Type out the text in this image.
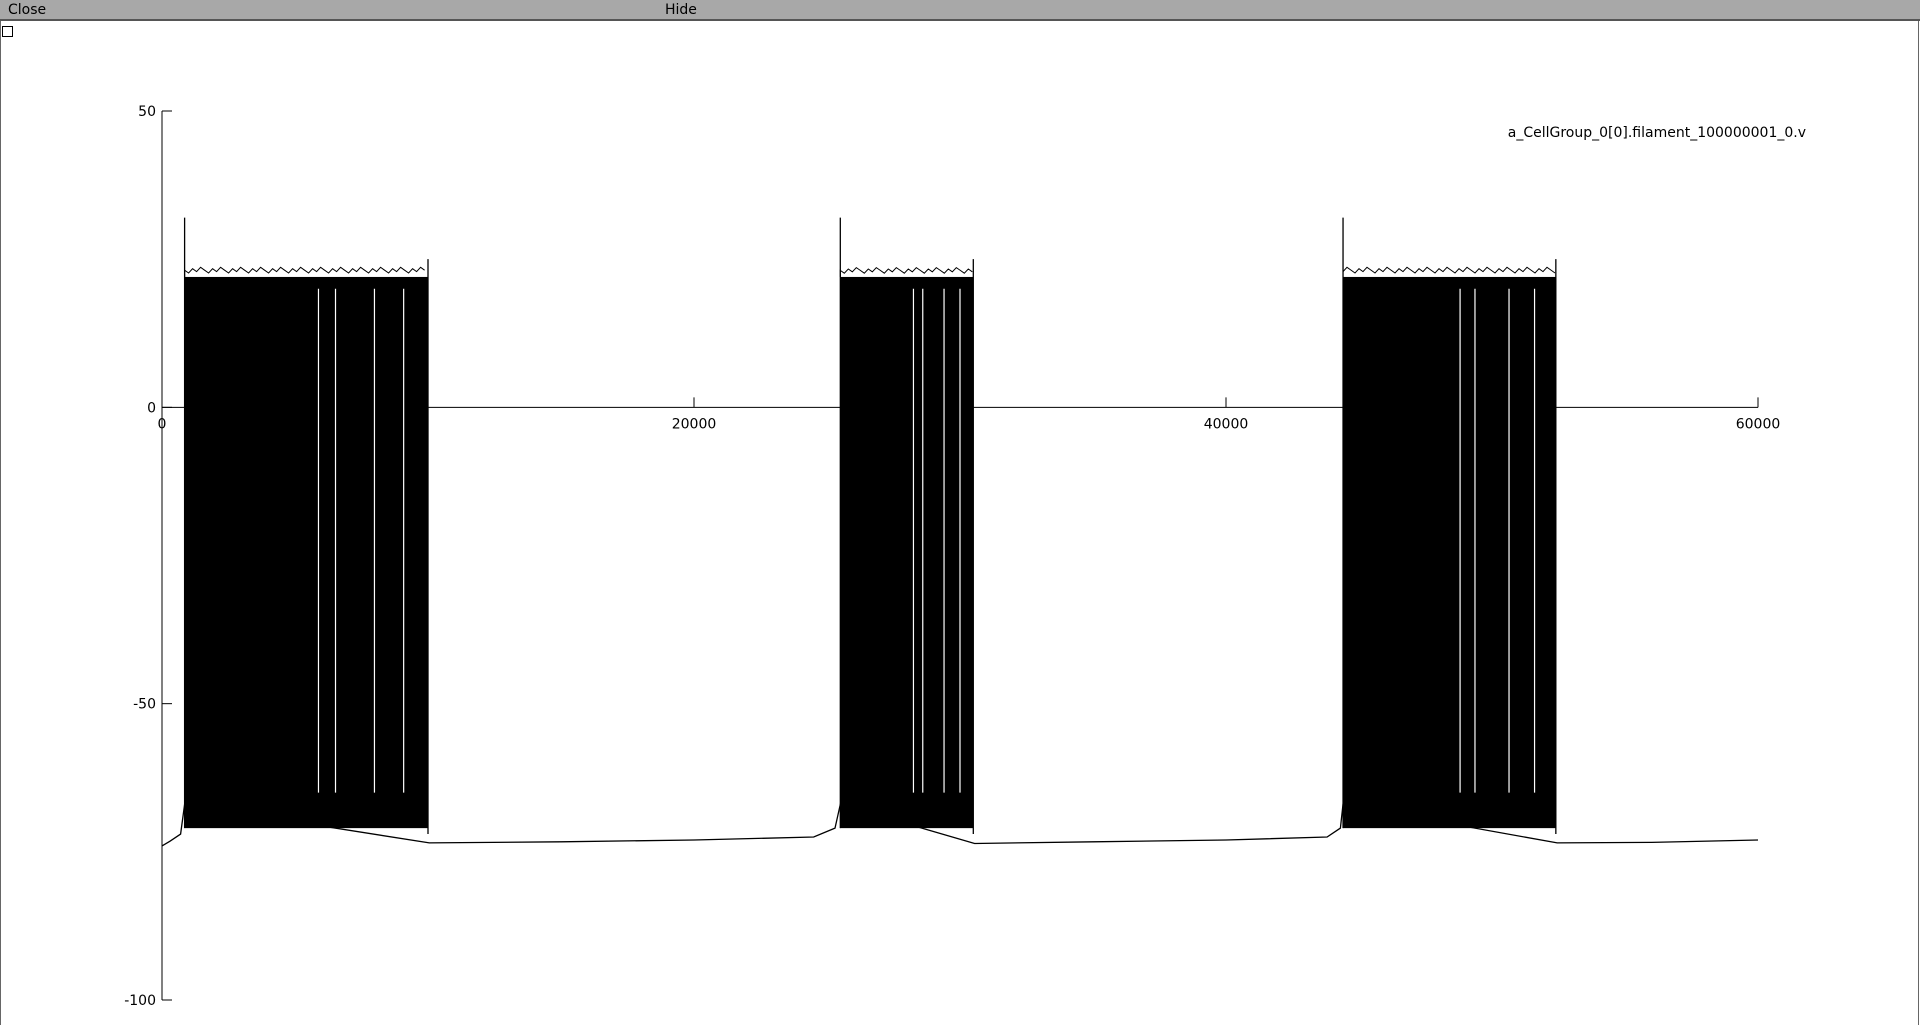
Close	Hide
50
0
-50
-100
0	20000	40000	60000
a_CellGroup_0[0].filament_100000001_0.v
